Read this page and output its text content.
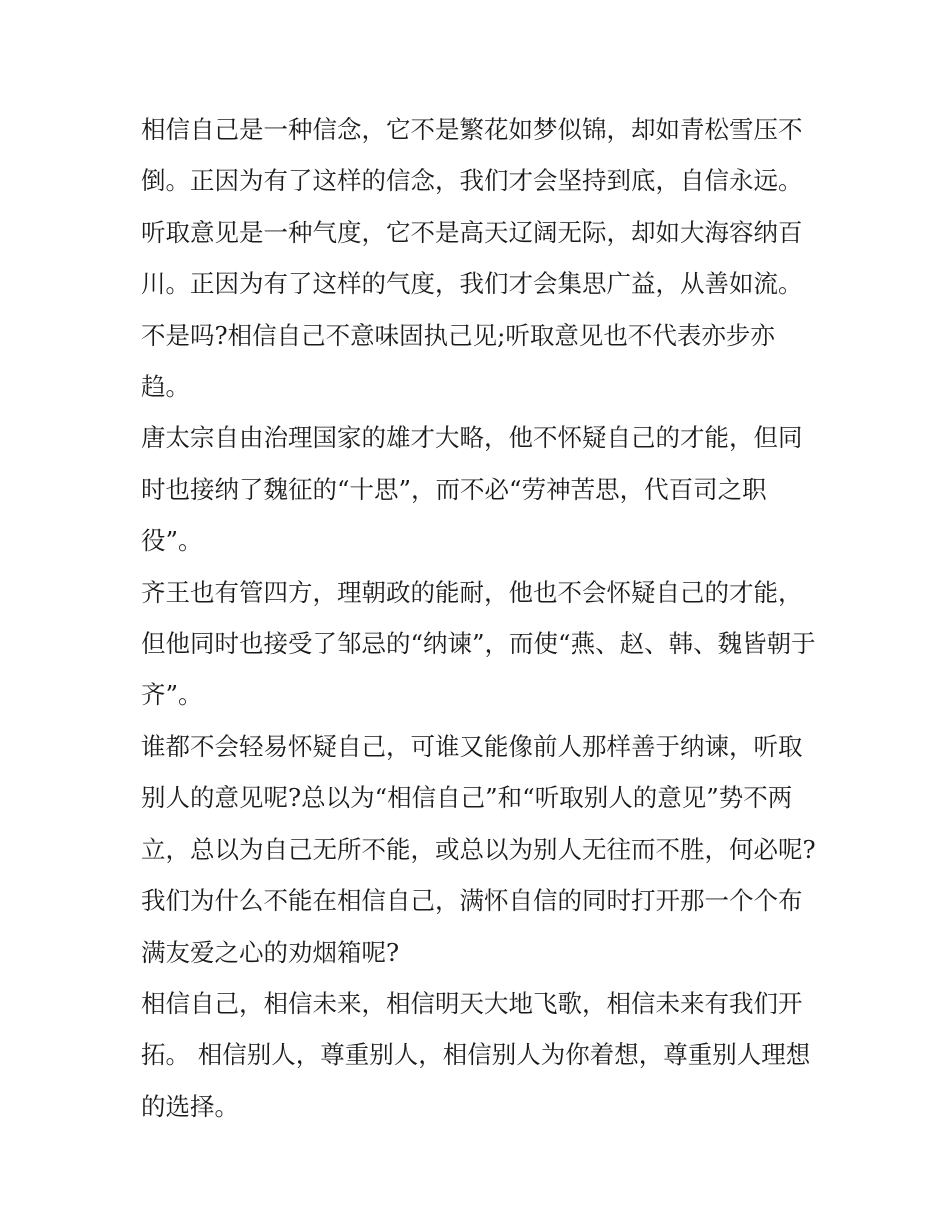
相信自己是一种信念，它不是繁花如梦似锦，却如青松雪压不倒。正因为有了这样的信念，我们才会坚持到底，自信永远。

听取意见是一种气度，它不是高天辽阔无际，却如大海容纳百川。正因为有了这样的气度，我们才会集思广益，从善如流。

不是吗?相信自己不意味固执己见;听取意见也不代表亦步亦趋。

唐太宗自由治理国家的雄才大略，他不怀疑自己的才能，但同时也接纳了魏征的“十思”，而不必“劳神苦思，代百司之职役”。

齐王也有管四方，理朝政的能耐，他也不会怀疑自己的才能，但他同时也接受了邹忌的“纳谏”，而使“燕、赵、韩、魏皆朝于齐”。

谁都不会轻易怀疑自己，可谁又能像前人那样善于纳谏，听取别人的意见呢?总以为“相信自己”和“听取别人的意见”势不两立，总以为自己无所不能，或总以为别人无往而不胜，何必呢?我们为什么不能在相信自己，满怀自信的同时打开那一个个布满友爱之心的劝烟箱呢?

相信自己，相信未来，相信明天大地飞歌，相信未来有我们开拓。 相信别人，尊重别人，相信别人为你着想，尊重别人理想的选择。
